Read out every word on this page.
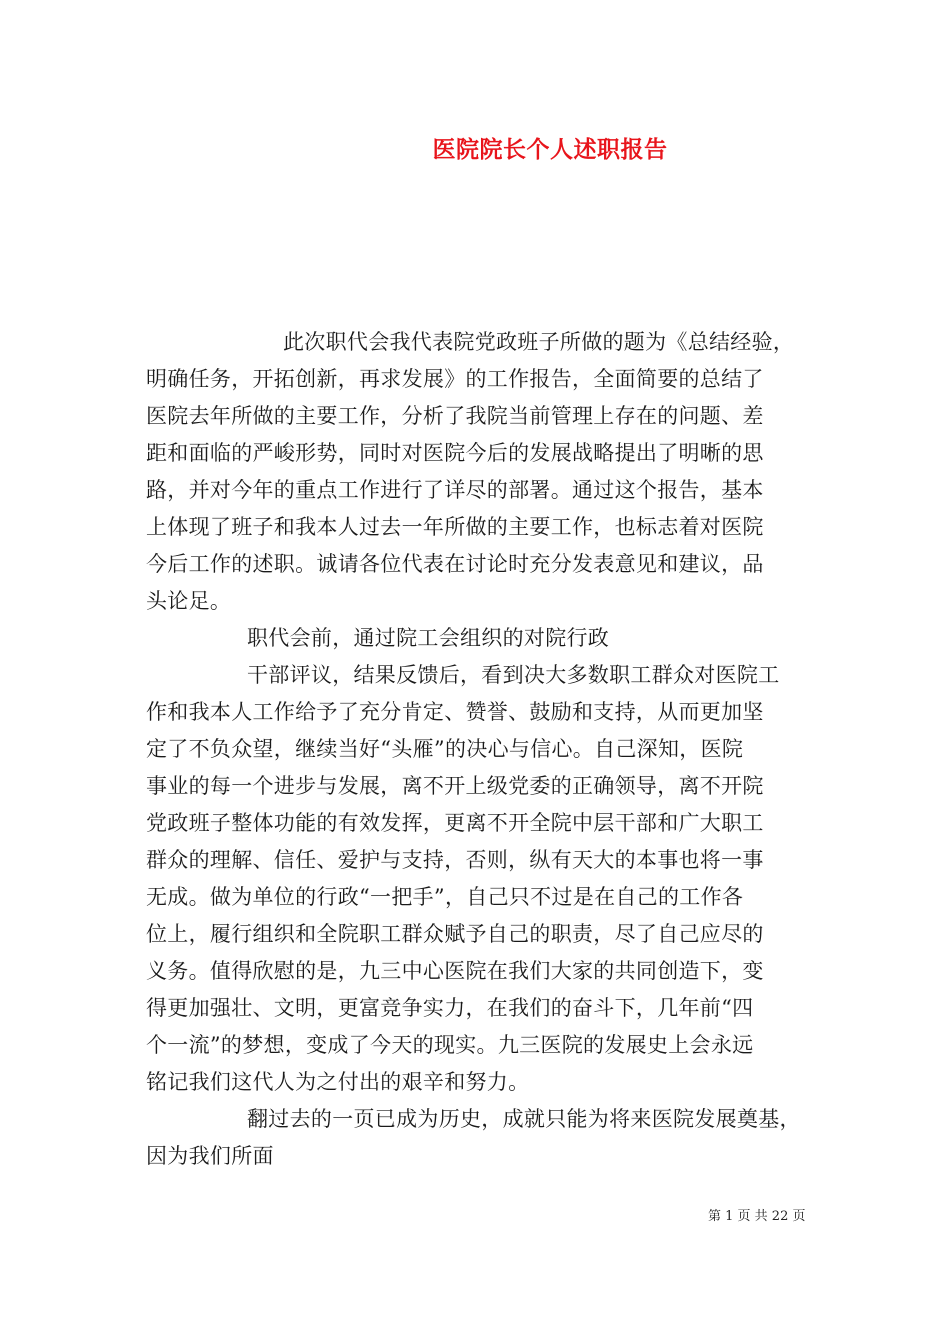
医院院长个人述职报告
此次职代会我代表院党政班子所做的题为《总结经验，
明确任务，开拓创新，再求发展》的工作报告，全面简要的总结了
医院去年所做的主要工作，分析了我院当前管理上存在的问题、差
距和面临的严峻形势，同时对医院今后的发展战略提出了明晰的思
路，并对今年的重点工作进行了详尽的部署。通过这个报告，基本
上体现了班子和我本人过去一年所做的主要工作，也标志着对医院
今后工作的述职。诚请各位代表在讨论时充分发表意见和建议，品
头论足。
职代会前，通过院工会组织的对院行政
干部评议，结果反馈后，看到决大多数职工群众对医院工
作和我本人工作给予了充分肯定、赞誉、鼓励和支持，从而更加坚
定了不负众望，继续当好“头雁”的决心与信心。自己深知，医院
事业的每一个进步与发展，离不开上级党委的正确领导，离不开院
党政班子整体功能的有效发挥，更离不开全院中层干部和广大职工
群众的理解、信任、爱护与支持，否则，纵有天大的本事也将一事
无成。做为单位的行政“一把手”，自己只不过是在自己的工作各
位上，履行组织和全院职工群众赋予自己的职责，尽了自己应尽的
义务。值得欣慰的是，九三中心医院在我们大家的共同创造下，变
得更加强壮、文明，更富竞争实力，在我们的奋斗下，几年前“四
个一流”的梦想，变成了今天的现实。九三医院的发展史上会永远
铭记我们这代人为之付出的艰辛和努力。
翻过去的一页已成为历史，成就只能为将来医院发展奠基，
因为我们所面
第 1 页 共 22 页
